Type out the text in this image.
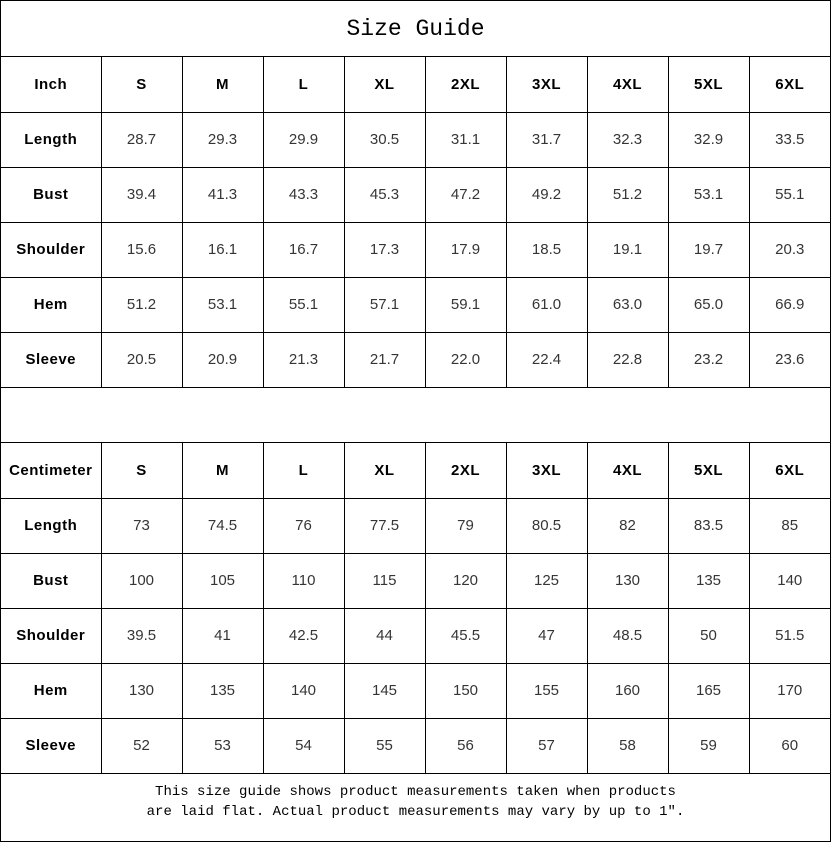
Size Guide
Inch	S	M	L	XL	2XL	3XL	4XL	5XL	6XL
Length	28.7	29.3	29.9	30.5	31.1	31.7	32.3	32.9	33.5
Bust	39.4	41.3	43.3	45.3	47.2	49.2	51.2	53.1	55.1
Shoulder	15.6	16.1	16.7	17.3	17.9	18.5	19.1	19.7	20.3
Hem	51.2	53.1	55.1	57.1	59.1	61.0	63.0	65.0	66.9
Sleeve	20.5	20.9	21.3	21.7	22.0	22.4	22.8	23.2	23.6
Centimeter	S	M	L	XL	2XL	3XL	4XL	5XL	6XL
Length	73	74.5	76	77.5	79	80.5	82	83.5	85
Bust	100	105	110	115	120	125	130	135	140
Shoulder	39.5	41	42.5	44	45.5	47	48.5	50	51.5
Hem	130	135	140	145	150	155	160	165	170
Sleeve	52	53	54	55	56	57	58	59	60
This size guide shows product measurements taken when products
are laid flat. Actual product measurements may vary by up to 1″.
